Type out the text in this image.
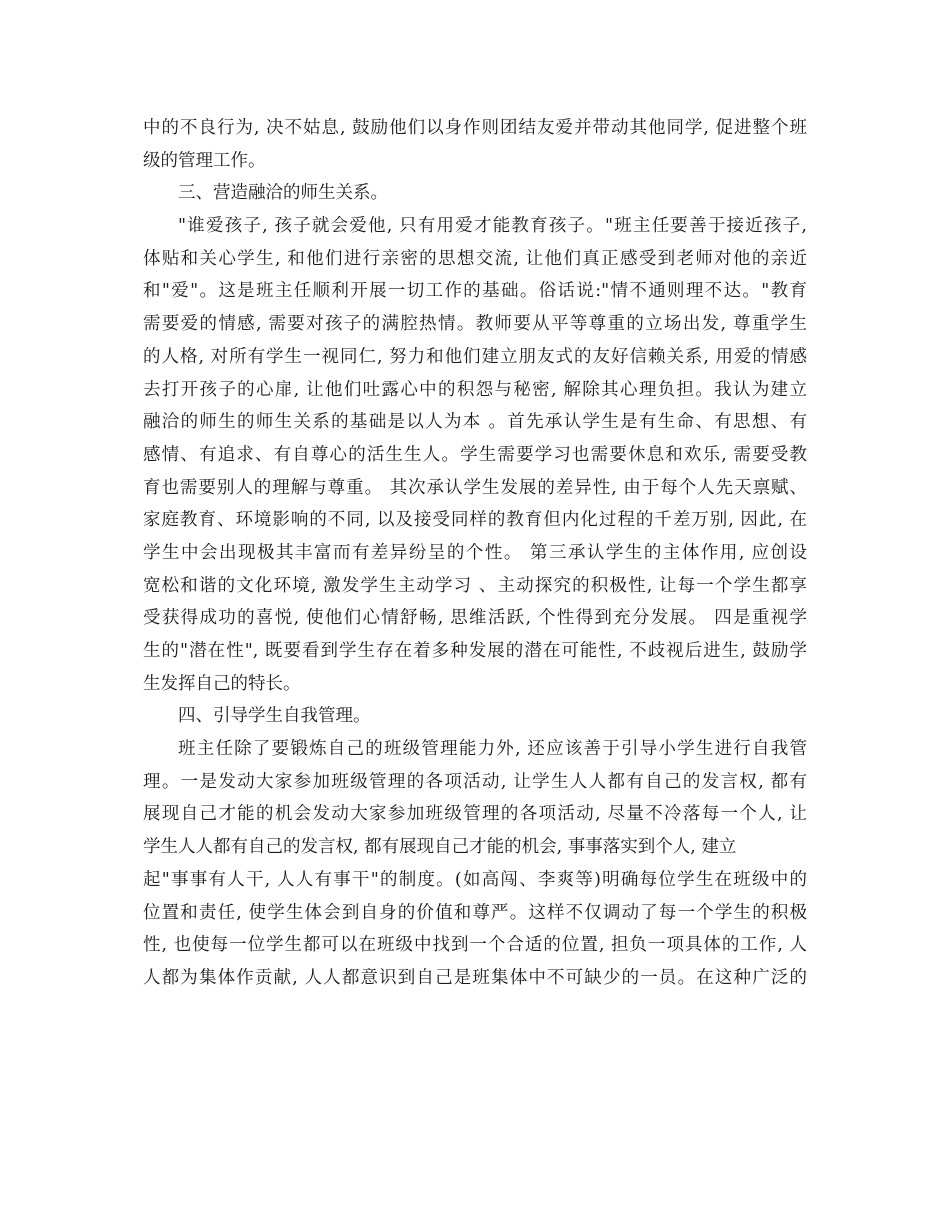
中的不良行为, 决不姑息, 鼓励他们以身作则团结友爱并带动其他同学, 促进整个班
级的管理工作。
三、营造融洽的师生关系。
"谁爱孩子, 孩子就会爱他, 只有用爱才能教育孩子。"班主任要善于接近孩子,
体贴和关心学生, 和他们进行亲密的思想交流, 让他们真正感受到老师对他的亲近
和"爱"。这是班主任顺利开展一切工作的基础。俗话说:"情不通则理不达。"教育
需要爱的情感, 需要对孩子的满腔热情。教师要从平等尊重的立场出发, 尊重学生
的人格, 对所有学生一视同仁, 努力和他们建立朋友式的友好信赖关系, 用爱的情感
去打开孩子的心扉, 让他们吐露心中的积怨与秘密, 解除其心理负担。我认为建立
融洽的师生的师生关系的基础是以人为本 。首先承认学生是有生命、有思想、有
感情、有追求、有自尊心的活生生人。学生需要学习也需要休息和欢乐, 需要受教
育也需要别人的理解与尊重。 其次承认学生发展的差异性, 由于每个人先天禀赋、
家庭教育、环境影响的不同, 以及接受同样的教育但内化过程的千差万别, 因此, 在
学生中会出现极其丰富而有差异纷呈的个性。 第三承认学生的主体作用, 应创设
宽松和谐的文化环境, 激发学生主动学习 、主动探究的积极性, 让每一个学生都享
受获得成功的喜悦, 使他们心情舒畅, 思维活跃, 个性得到充分发展。 四是重视学
生的"潜在性", 既要看到学生存在着多种发展的潜在可能性, 不歧视后进生, 鼓励学
生发挥自己的特长。
四、引导学生自我管理。
班主任除了要锻炼自己的班级管理能力外, 还应该善于引导小学生进行自我管
理。一是发动大家参加班级管理的各项活动, 让学生人人都有自己的发言权, 都有
展现自己才能的机会发动大家参加班级管理的各项活动, 尽量不冷落每一个人, 让
学生人人都有自己的发言权, 都有展现自己才能的机会, 事事落实到个人, 建立
起"事事有人干, 人人有事干"的制度。(如高闯、李爽等)明确每位学生在班级中的
位置和责任, 使学生体会到自身的价值和尊严。这样不仅调动了每一个学生的积极
性, 也使每一位学生都可以在班级中找到一个合适的位置, 担负一项具体的工作, 人
人都为集体作贡献, 人人都意识到自己是班集体中不可缺少的一员。在这种广泛的
